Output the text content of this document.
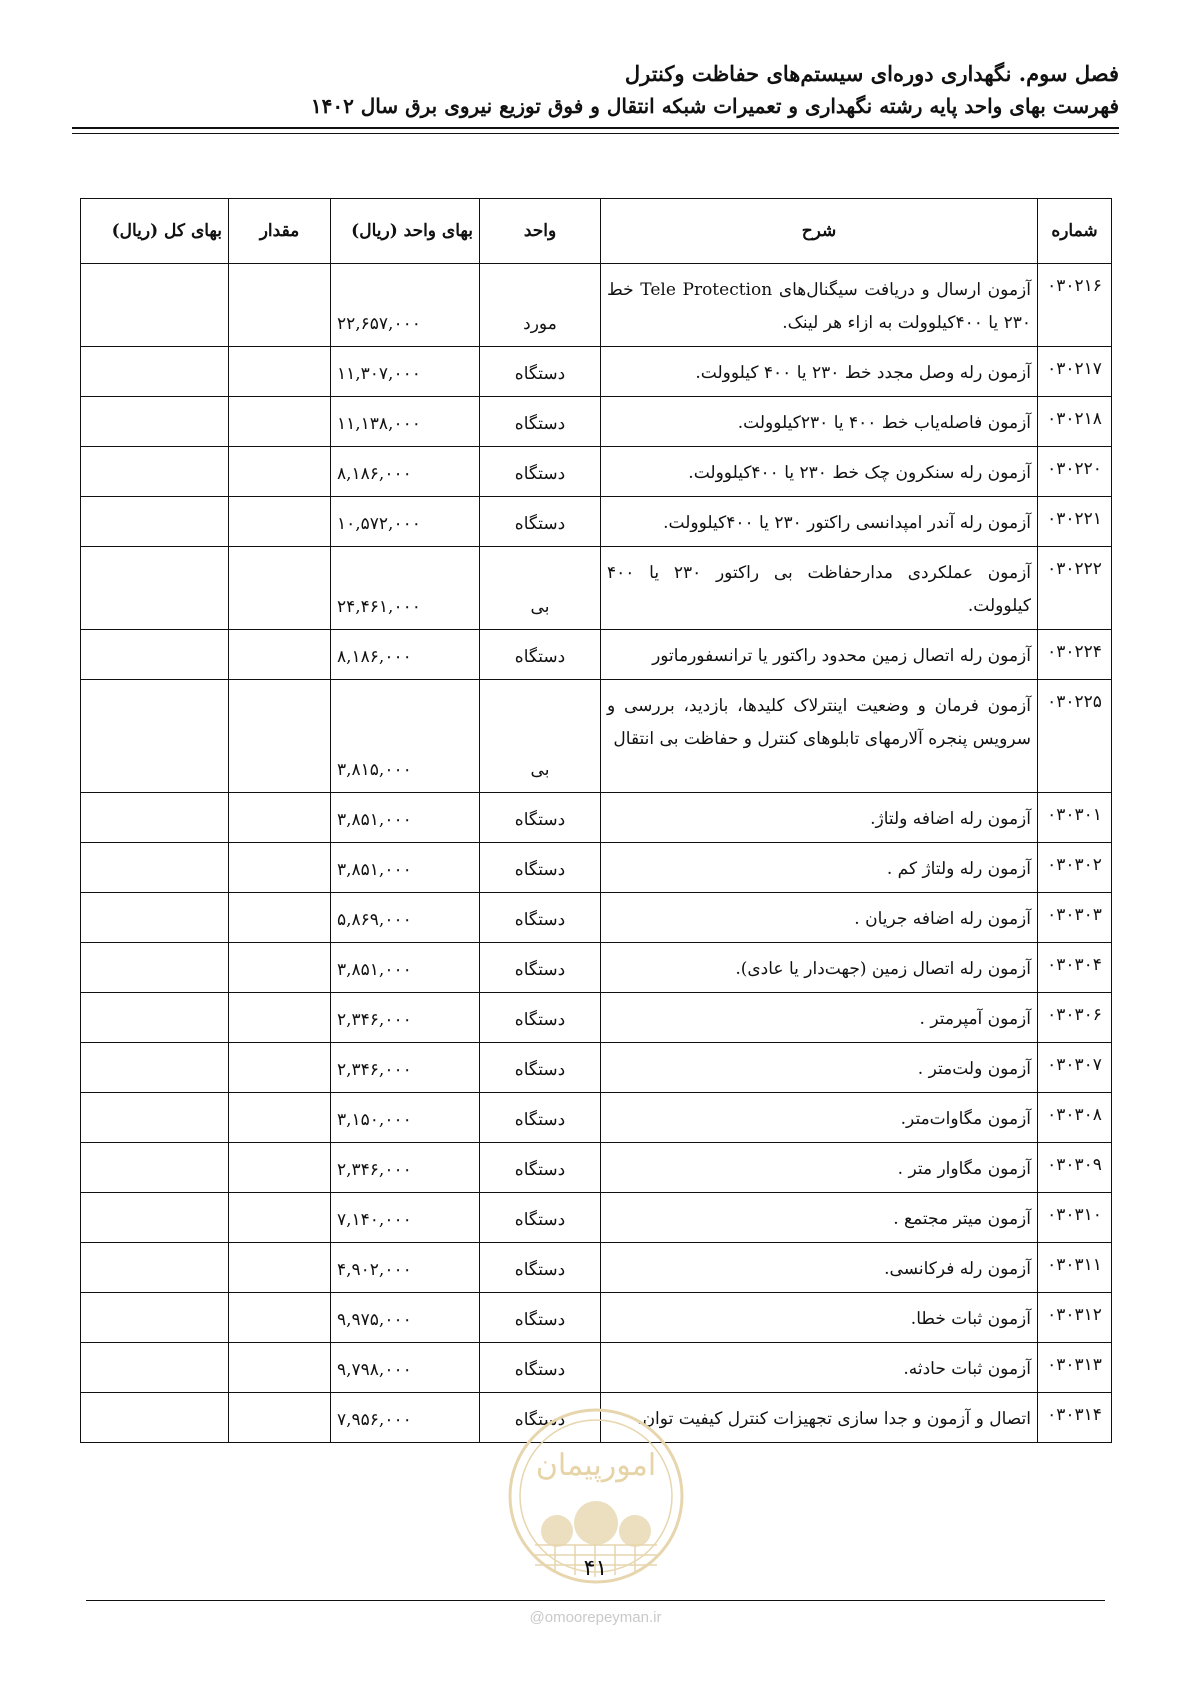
فصل سوم. نگهداری دوره‌ای سیستم‌های حفاظت وکنترل
فهرست بهای واحد پایه رشته نگهداری و تعمیرات شبکه انتقال و فوق توزیع نیروی برق سال ۱۴۰۲
شماره	شرح	واحد	بهای واحد (ریال)	مقدار	بهای کل (ریال)
۰۳۰۲۱۶	آزمون ارسال و دریافت سیگنال‌های Tele Protection خط ۲۳۰ یا ۴۰۰کیلوولت به ازاء هر لینک.	مورد	۲۲,۶۵۷,۰۰۰		
۰۳۰۲۱۷	آزمون رله وصل مجدد خط ۲۳۰ یا ۴۰۰ کیلوولت.	دستگاه	۱۱,۳۰۷,۰۰۰		
۰۳۰۲۱۸	آزمون فاصله‌یاب خط ۴۰۰ یا ۲۳۰کیلوولت.	دستگاه	۱۱,۱۳۸,۰۰۰		
۰۳۰۲۲۰	آزمون رله سنکرون چک خط ۲۳۰ یا ۴۰۰کیلوولت.	دستگاه	۸,۱۸۶,۰۰۰		
۰۳۰۲۲۱	آزمون رله آندر امپدانسی راکتور ۲۳۰ یا ۴۰۰کیلوولت.	دستگاه	۱۰,۵۷۲,۰۰۰		
۰۳۰۲۲۲	آزمون عملکردی مدارحفاظت بی راکتور ۲۳۰ یا ۴۰۰ کیلوولت.	بی	۲۴,۴۶۱,۰۰۰		
۰۳۰۲۲۴	آزمون رله اتصال زمین محدود راکتور یا ترانسفورماتور	دستگاه	۸,۱۸۶,۰۰۰		
۰۳۰۲۲۵	آزمون فرمان و وضعیت اینترلاک کلیدها، بازدید، بررسی و سرویس پنجره آلارمهای تابلوهای کنترل و حفاظت بی انتقال	بی	۳,۸۱۵,۰۰۰		
۰۳۰۳۰۱	آزمون رله اضافه ولتاژ.	دستگاه	۳,۸۵۱,۰۰۰		
۰۳۰۳۰۲	آزمون رله ولتاژ کم .	دستگاه	۳,۸۵۱,۰۰۰		
۰۳۰۳۰۳	آزمون رله اضافه جریان .	دستگاه	۵,۸۶۹,۰۰۰		
۰۳۰۳۰۴	آزمون رله اتصال زمین (جهت‌دار یا عادی).	دستگاه	۳,۸۵۱,۰۰۰		
۰۳۰۳۰۶	آزمون آمپرمتر .	دستگاه	۲,۳۴۶,۰۰۰		
۰۳۰۳۰۷	آزمون ولت‌متر .	دستگاه	۲,۳۴۶,۰۰۰		
۰۳۰۳۰۸	آزمون مگاوات‌متر.	دستگاه	۳,۱۵۰,۰۰۰		
۰۳۰۳۰۹	آزمون مگاوار متر .	دستگاه	۲,۳۴۶,۰۰۰		
۰۳۰۳۱۰	آزمون میتر مجتمع .	دستگاه	۷,۱۴۰,۰۰۰		
۰۳۰۳۱۱	آزمون رله فرکانسی.	دستگاه	۴,۹۰۲,۰۰۰		
۰۳۰۳۱۲	آزمون ثبات خطا.	دستگاه	۹,۹۷۵,۰۰۰		
۰۳۰۳۱۳	آزمون ثبات حادثه.	دستگاه	۹,۷۹۸,۰۰۰		
۰۳۰۳۱۴	اتصال و آزمون و جدا سازی تجهیزات کنترل کیفیت توان.	دستگاه	۷,۹۵۶,۰۰۰		
امورپیمان
۴۱
@omoorepeyman.ir
